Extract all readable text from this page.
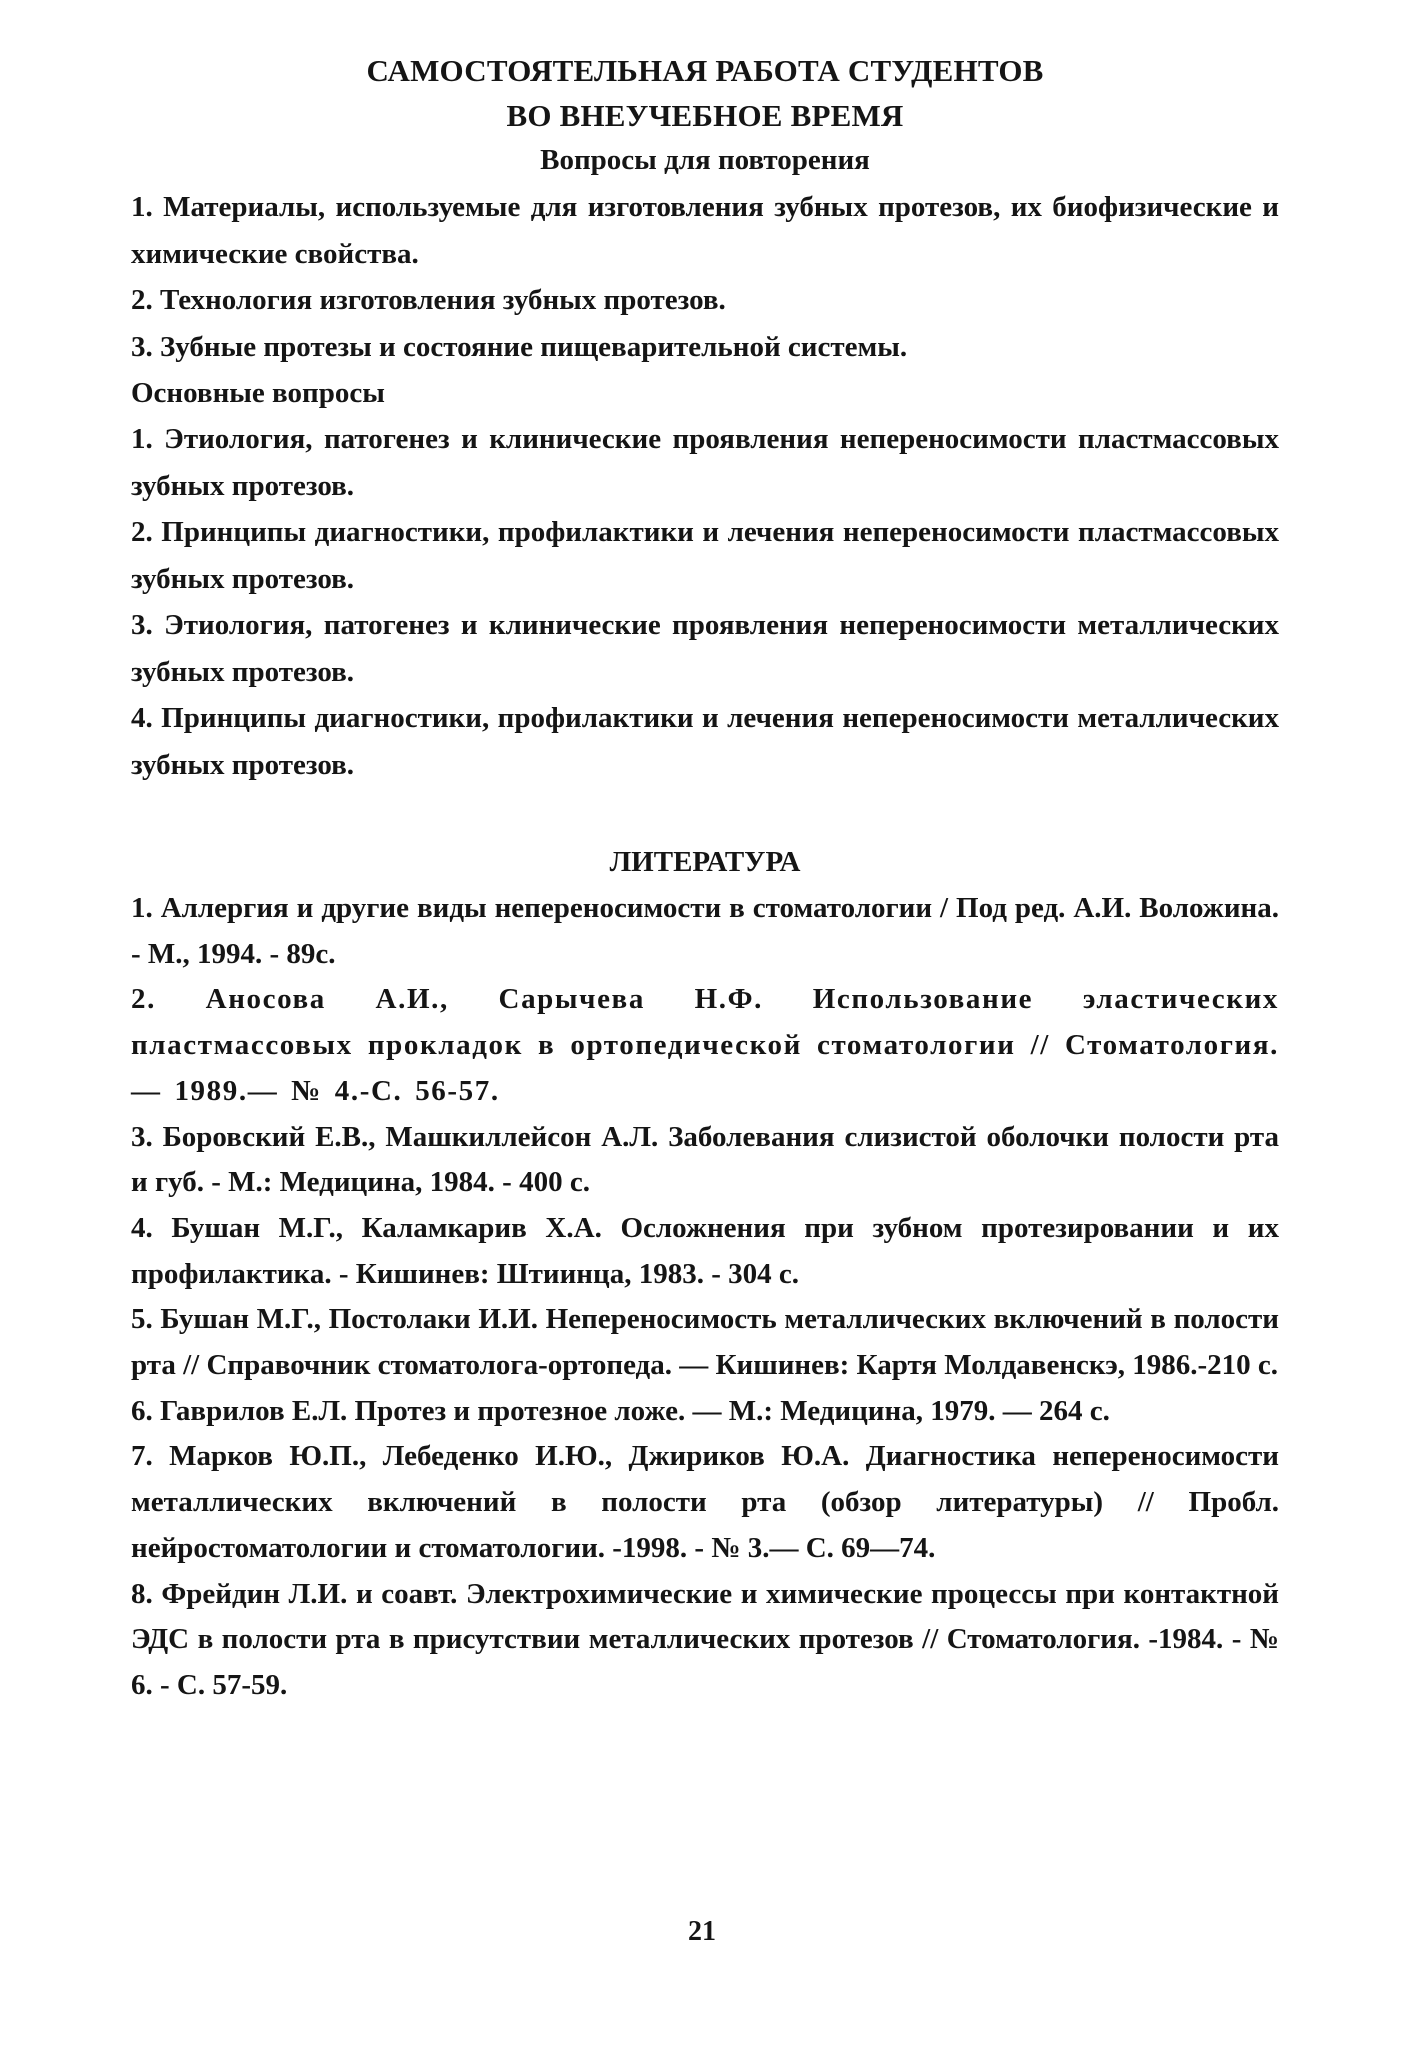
САМОСТОЯТЕЛЬНАЯ РАБОТА СТУДЕНТОВ
ВО ВНЕУЧЕБНОЕ ВРЕМЯ
Вопросы для повторения

1. Материалы, используемые для изготовления зубных протезов, их биофизические и химические свойства.

2. Технология изготовления зубных протезов.

3. Зубные протезы и состояние пищеварительной системы.

Основные вопросы

1. Этиология, патогенез и клинические проявления непереносимости пластмассовых зубных протезов.

2. Принципы диагностики, профилактики и лечения непереносимости пластмассовых зубных протезов.

3. Этиология, патогенез и клинические проявления непереносимости металлических зубных протезов.

4. Принципы диагностики, профилактики и лечения непереносимости металлических зубных протезов.

ЛИТЕРАТУРА

1. Аллергия и другие виды непереносимости в стоматологии / Под ред. А.И. Воложина. - М., 1994. - 89с.

2. Аносова А.И., Сарычева Н.Ф. Использование эластических пластмассовых прокладок в ортопедической стоматологии // Стоматология.— 1989.— № 4.-С. 56-57.

3. Боровский Е.В., Машкиллейсон А.Л. Заболевания слизистой оболочки полости рта и губ. - М.: Медицина, 1984. - 400 с.

4. Бушан М.Г., Каламкарив Х.А. Осложнения при зубном протезировании и их профилактика. - Кишинев: Штиинца, 1983. - 304 с.

5. Бушан М.Г., Постолаки И.И. Непереносимость металлических включений в полости рта // Справочник стоматолога-ортопеда. — Кишинев: Картя Молдавенскэ, 1986.-210 с.

6. Гаврилов Е.Л. Протез и протезное ложе. — М.: Медицина, 1979. — 264 с.

7. Марков Ю.П., Лебеденко И.Ю., Джириков Ю.А. Диагностика непереносимости металлических включений в полости рта (обзор литературы) // Пробл. нейростоматологии и стоматологии. -1998. - № 3.— С. 69—74.

8. Фрейдин Л.И. и соавт. Электрохимические и химические процессы при контактной ЭДС в полости рта в присутствии металлических протезов // Стоматология. -1984. - № 6. - С. 57-59.

21
